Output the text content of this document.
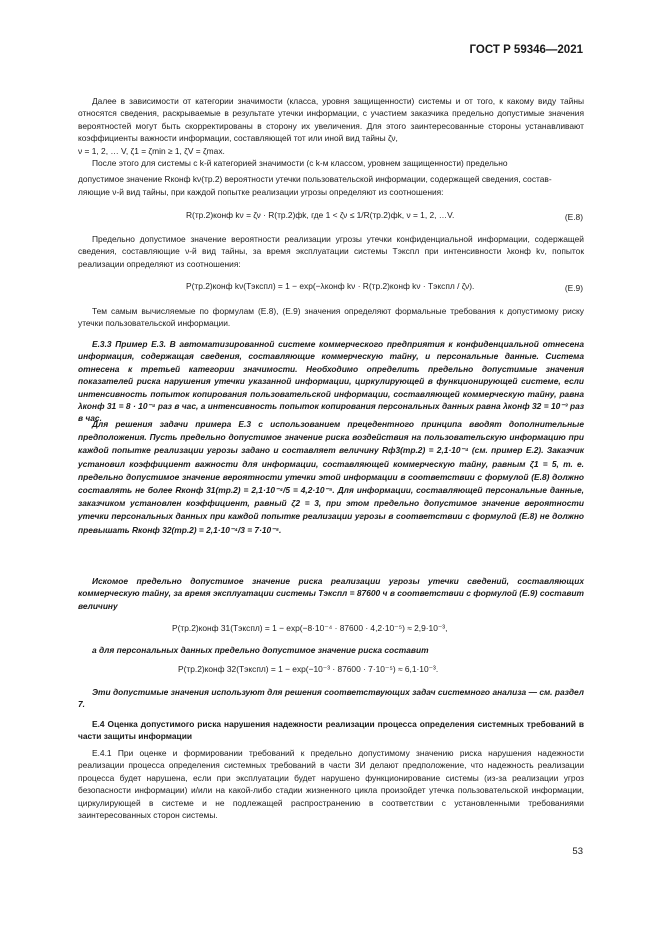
ГОСТ Р 59346—2021

Далее в зависимости от категории значимости (класса, уровня защищенности) системы и от того, к какому виду тайны относятся сведения, раскрываемые в результате утечки информации, с участием заказчика предельно допустимые значения вероятностей могут быть скорректированы в сторону их увеличения. Для этого заинтересованные стороны устанавливают коэффициенты важности информации, составляющей тот или иной вид тайны ζν,

ν = 1, 2, … V, ζ1 = ζmin ≥ 1, ζV = ζmax.

После этого для системы с k-й категорией значимости (с k-м классом, уровнем защищенности) предельно

допустимое значение Rконф kν(тр.2) вероятности утечки пользовательской информации, содержащей сведения, состав-

ляющие ν-й вид тайны, при каждой попытке реализации угрозы определяют из соотношения:

R(тр.2)конф kν = ζν · R(тр.2)фk, где 1 < ζν ≤ 1/R(тр.2)фk, ν = 1, 2, …V.	(Е.8)

Предельно допустимое значение вероятности реализации угрозы утечки конфиденциальной информации, содержащей сведения, составляющие ν-й вид тайны, за время эксплуатации системы Тэкспл при интенсивности λконф kν, попыток реализации определяют из соотношения:

P(тр.2)конф kν(Тэкспл) = 1 − exp(−λконф kν · R(тр.2)конф kν · Тэкспл / ζν).	(Е.9)

Тем самым вычисляемые по формулам (Е.8), (Е.9) значения определяют формальные требования к допустимому риску утечки пользовательской информации.

Е.3.3 Пример Е.3. В автоматизированной системе коммерческого предприятия к конфиденциальной отнесена информация, содержащая сведения, составляющие коммерческую тайну, и персональные данные. Система отнесена к третьей категории значимости. Необходимо определить предельно допустимые значения показателей риска нарушения утечки указанной информации, циркулирующей в функционирующей системе, если интенсивность попыток копирования пользовательской информации, составляющей коммерческую тайну, равна λконф 31 = 8 · 10⁻⁴ раз в час, а интенсивность попыток копирования персональных данных равна λконф 32 = 10⁻³ раз в час.

Для решения задачи примера Е.3 с использованием прецедентного принципа вводят дополнительные предположения. Пусть предельно допустимое значение риска воздействия на пользовательскую информацию при каждой попытке реализации угрозы задано и составляет величину Rф3(тр.2) = 2,1·10⁻⁴ (см. пример Е.2). Заказчик установил коэффициент важности для информации, составляющей коммерческую тайну, равным ζ1 = 5, т. е. предельно допустимое значение вероятности утечки этой информации в соответствии с формулой (Е.8) должно составлять не более Rконф 31(тр.2) = 2,1·10⁻⁴/5 = 4,2·10⁻⁵. Для информации, составляющей персональные данные, заказчиком установлен коэффициент, равный ζ2 = 3, при этом предельно допустимое значение вероятности утечки персональных данных при каждой попытке реализации угрозы в соответствии с формулой (Е.8) не должно превышать Rконф 32(тр.2) = 2,1·10⁻⁴/3 = 7·10⁻⁵.

Искомое предельно допустимое значение риска реализации угрозы утечки сведений, составляющих коммерческую тайну, за время эксплуатации системы Тэкспл = 87600 ч в соответствии с формулой (Е.9) составит величину

P(тр.2)конф 31(Тэкспл) = 1 − exp(−8·10⁻⁴ · 87600 · 4,2·10⁻⁵) ≈ 2,9·10⁻³,

а для персональных данных предельно допустимое значение риска составит

P(тр.2)конф 32(Тэкспл) = 1 − exp(−10⁻³ · 87600 · 7·10⁻⁵) ≈ 6,1·10⁻³.

Эти допустимые значения используют для решения соответствующих задач системного анализа — см. раздел 7.

Е.4 Оценка допустимого риска нарушения надежности реализации процесса определения системных требований в части защиты информации

Е.4.1 При оценке и формировании требований к предельно допустимому значению риска нарушения надежности реализации процесса определения системных требований в части ЗИ делают предположение, что надежность реализации процесса будет нарушена, если при эксплуатации будет нарушено функционирование системы (из-за реализации угроз безопасности информации) и/или на какой-либо стадии жизненного цикла произойдет утечка пользовательской информации, циркулирующей в системе и не подлежащей распространению в соответствии с установленными требованиями заинтересованных сторон системы.

53
